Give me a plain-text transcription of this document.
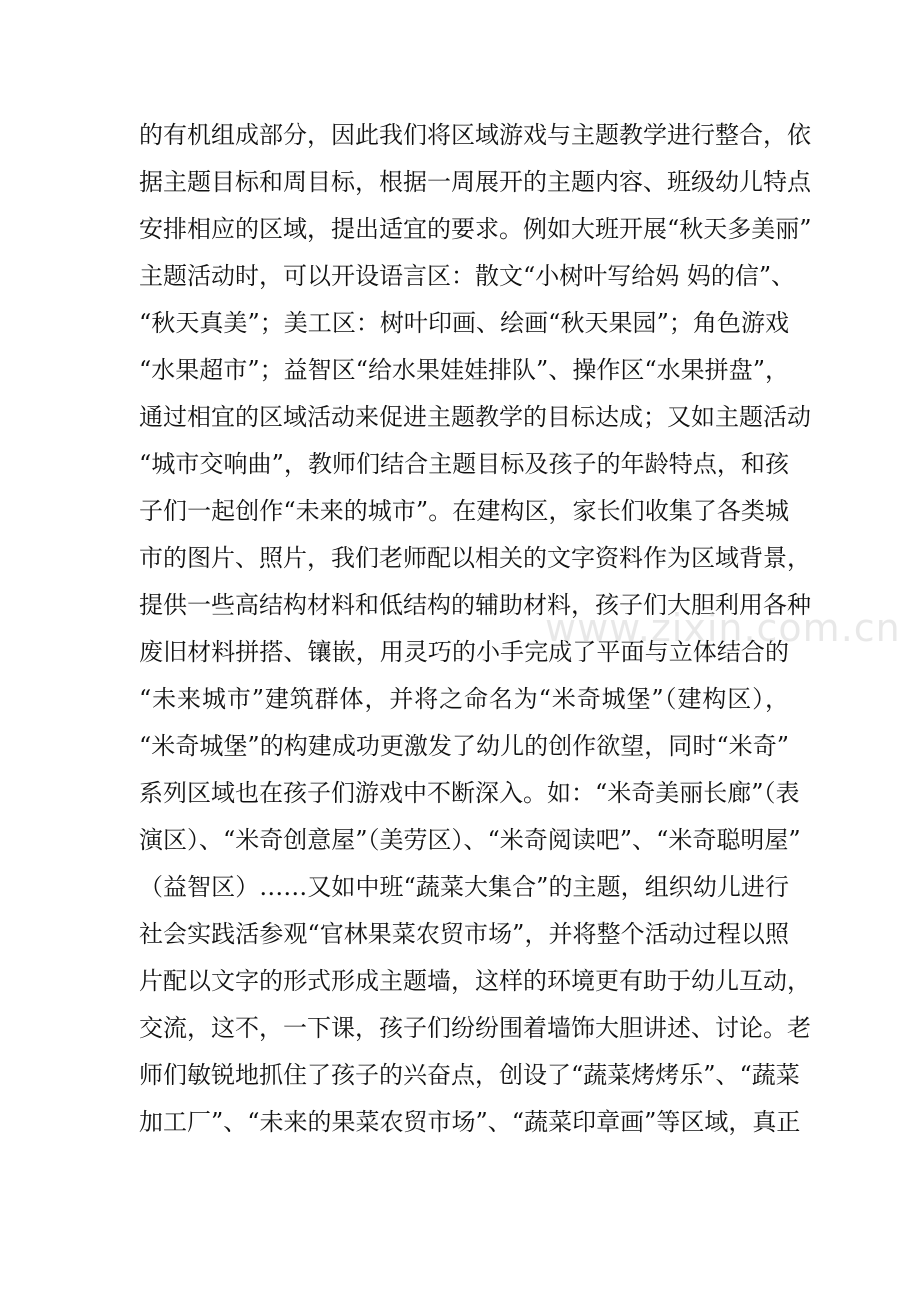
的有机组成部分，因此我们将区域游戏与主题教学进行整合，依
据主题目标和周目标，根据一周展开的主题内容、班级幼儿特点
安排相应的区域，提出适宜的要求。例如大班开展“秋天多美丽”
主题活动时，可以开设语言区：散文“小树叶写给妈 妈的信”、
“秋天真美”；美工区：树叶印画、绘画“秋天果园”；角色游戏
“水果超市”；益智区“给水果娃娃排队”、操作区“水果拼盘”，
通过相宜的区域活动来促进主题教学的目标达成；又如主题活动
“城市交响曲”，教师们结合主题目标及孩子的年龄特点，和孩
子们一起创作“未来的城市”。在建构区，家长们收集了各类城
市的图片、照片，我们老师配以相关的文字资料作为区域背景，
提供一些高结构材料和低结构的辅助材料，孩子们大胆利用各种
废旧材料拼搭、镶嵌，用灵巧的小手完成了平面与立体结合的
“未来城市”建筑群体，并将之命名为“米奇城堡”（建构区），
“米奇城堡”的构建成功更激发了幼儿的创作欲望，同时“米奇”
系列区域也在孩子们游戏中不断深入。如：“米奇美丽长廊”（表
演区）、“米奇创意屋”（美劳区）、“米奇阅读吧”、“米奇聪明屋”
（益智区）……又如中班“蔬菜大集合”的主题，组织幼儿进行
社会实践活参观“官林果菜农贸市场”，并将整个活动过程以照
片配以文字的形式形成主题墙，这样的环境更有助于幼儿互动，
交流，这不，一下课，孩子们纷纷围着墙饰大胆讲述、讨论。老
师们敏锐地抓住了孩子的兴奋点，创设了“蔬菜烤烤乐”、“蔬菜
加工厂”、“未来的果菜农贸市场”、“蔬菜印章画”等区域，真正
www.zixin.com.cn
